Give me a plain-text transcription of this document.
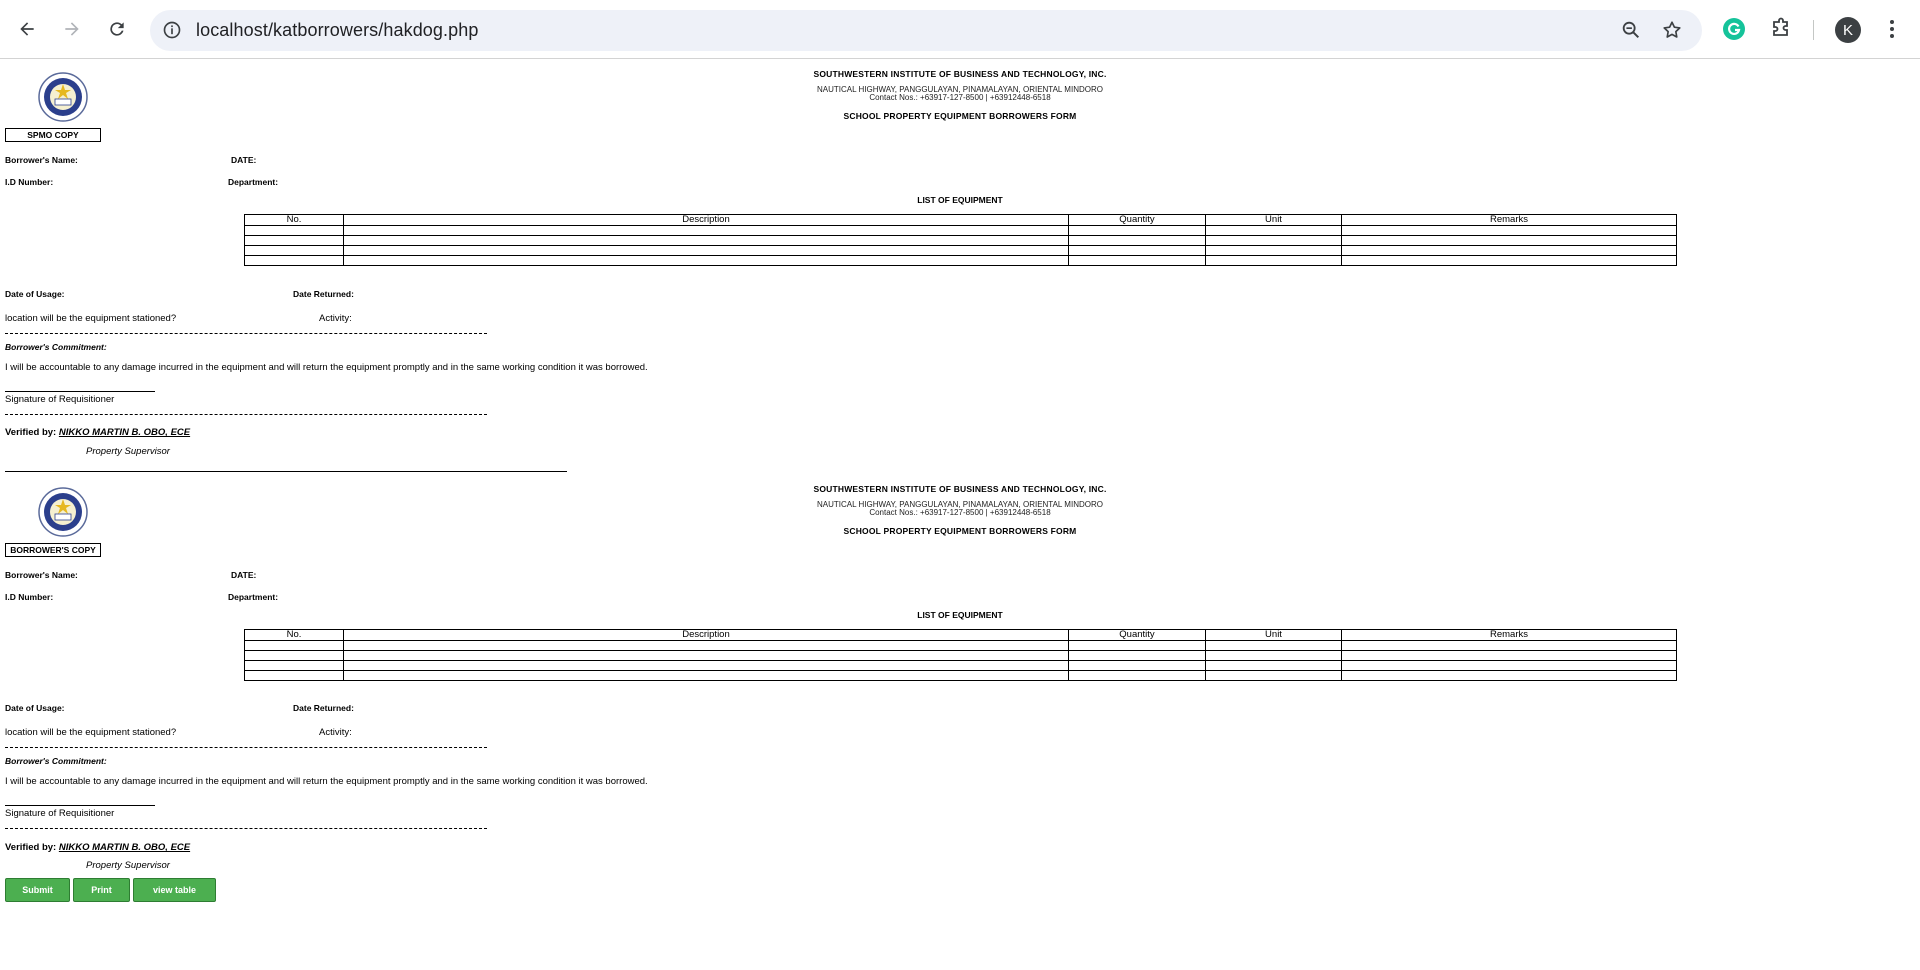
localhost/katborrowers/hakdog.php	K
SPMO COPY
SOUTHWESTERN INSTITUTE OF BUSINESS AND TECHNOLOGY, INC.
NAUTICAL HIGHWAY, PANGGULAYAN, PINAMALAYAN, ORIENTAL MINDORO
Contact Nos.: +63917-127-8500 | +63912448-6518
SCHOOL PROPERTY EQUIPMENT BORROWERS FORM
Borrower's Name:	DATE:
I.D Number:	Department:
LIST OF EQUIPMENT
No.	Description	Quantity	Unit	Remarks

Date of Usage:	Date Returned:
location will be the equipment stationed?	Activity:
Borrower's Commitment:
I will be accountable to any damage incurred in the equipment and will return the equipment promptly and in the same working condition it was borrowed.
Signature of Requisitioner
Verified by: NIKKO MARTIN B. OBO, ECE
Property Supervisor
BORROWER'S COPY
SOUTHWESTERN INSTITUTE OF BUSINESS AND TECHNOLOGY, INC.
NAUTICAL HIGHWAY, PANGGULAYAN, PINAMALAYAN, ORIENTAL MINDORO
Contact Nos.: +63917-127-8500 | +63912448-6518
SCHOOL PROPERTY EQUIPMENT BORROWERS FORM
Borrower's Name:	DATE:
I.D Number:	Department:
LIST OF EQUIPMENT
No.	Description	Quantity	Unit	Remarks

Date of Usage:	Date Returned:
location will be the equipment stationed?	Activity:
Borrower's Commitment:
I will be accountable to any damage incurred in the equipment and will return the equipment promptly and in the same working condition it was borrowed.
Signature of Requisitioner
Verified by: NIKKO MARTIN B. OBO, ECE
Property Supervisor
Submit	Print	view table
